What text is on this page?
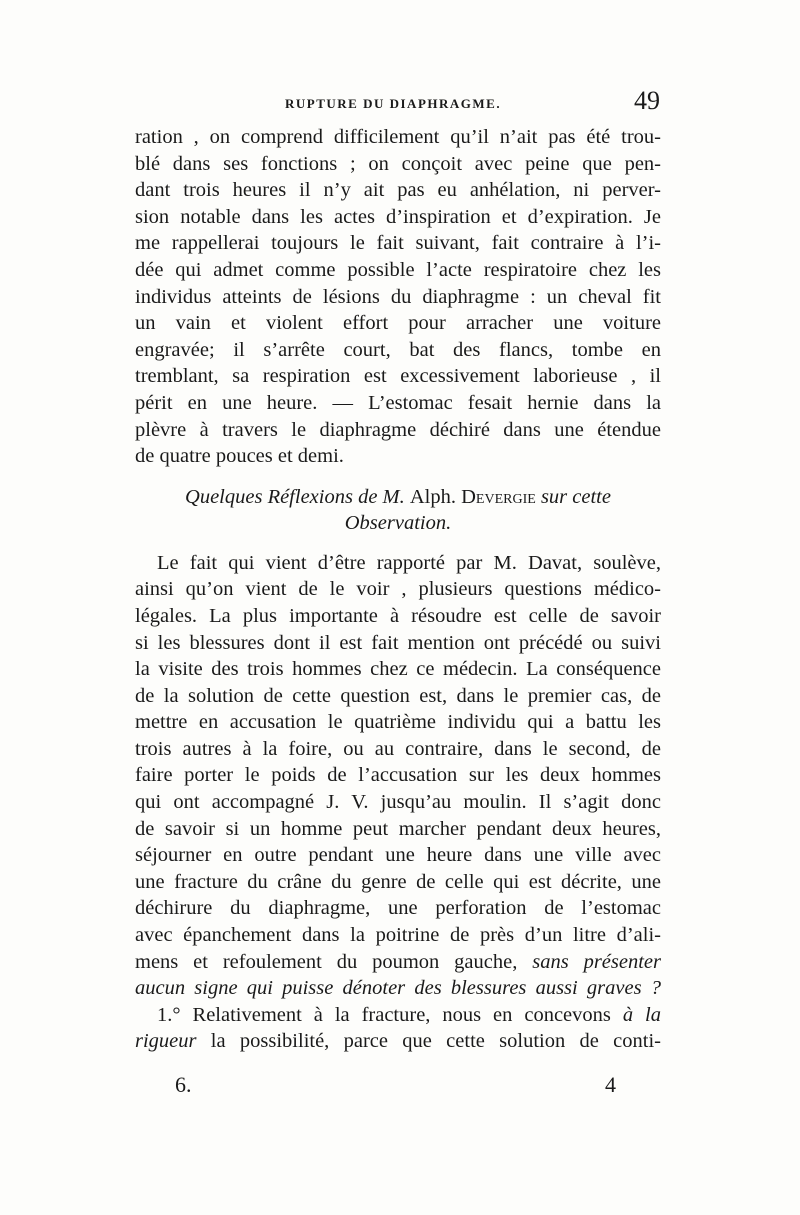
RUPTURE DU DIAPHRAGME.	49
ration , on comprend difficilement qu’il n’ait pas été trou-
blé dans ses fonctions ; on conçoit avec peine que pen-
dant trois heures il n’y ait pas eu anhélation, ni perver-
sion notable dans les actes d’inspiration et d’expiration. Je
me rappellerai toujours le fait suivant, fait contraire à l’i-
dée qui admet comme possible l’acte respiratoire chez les
individus atteints de lésions du diaphragme : un cheval fit
un vain et violent effort pour arracher une voiture
engravée; il s’arrête court, bat des flancs, tombe en
tremblant, sa respiration est excessivement laborieuse , il
périt en une heure. — L’estomac fesait hernie dans la
plèvre à travers le diaphragme déchiré dans une étendue
de quatre pouces et demi.
Quelques Réflexions de M. Alph. Devergie sur cette
Observation.
Le fait qui vient d’être rapporté par M. Davat, soulève,
ainsi qu’on vient de le voir , plusieurs questions médico-
légales. La plus importante à résoudre est celle de savoir
si les blessures dont il est fait mention ont précédé ou suivi
la visite des trois hommes chez ce médecin. La conséquence
de la solution de cette question est, dans le premier cas, de
mettre en accusation le quatrième individu qui a battu les
trois autres à la foire, ou au contraire, dans le second, de
faire porter le poids de l’accusation sur les deux hommes
qui ont accompagné J. V. jusqu’au moulin. Il s’agit donc
de savoir si un homme peut marcher pendant deux heures,
séjourner en outre pendant une heure dans une ville avec
une fracture du crâne du genre de celle qui est décrite, une
déchirure du diaphragme, une perforation de l’estomac
avec épanchement dans la poitrine de près d’un litre d’ali-
mens et refoulement du poumon gauche, sans présenter
aucun signe qui puisse dénoter des blessures aussi graves ?
1.° Relativement à la fracture, nous en concevons à la
rigueur la possibilité, parce que cette solution de conti-
6.	4
